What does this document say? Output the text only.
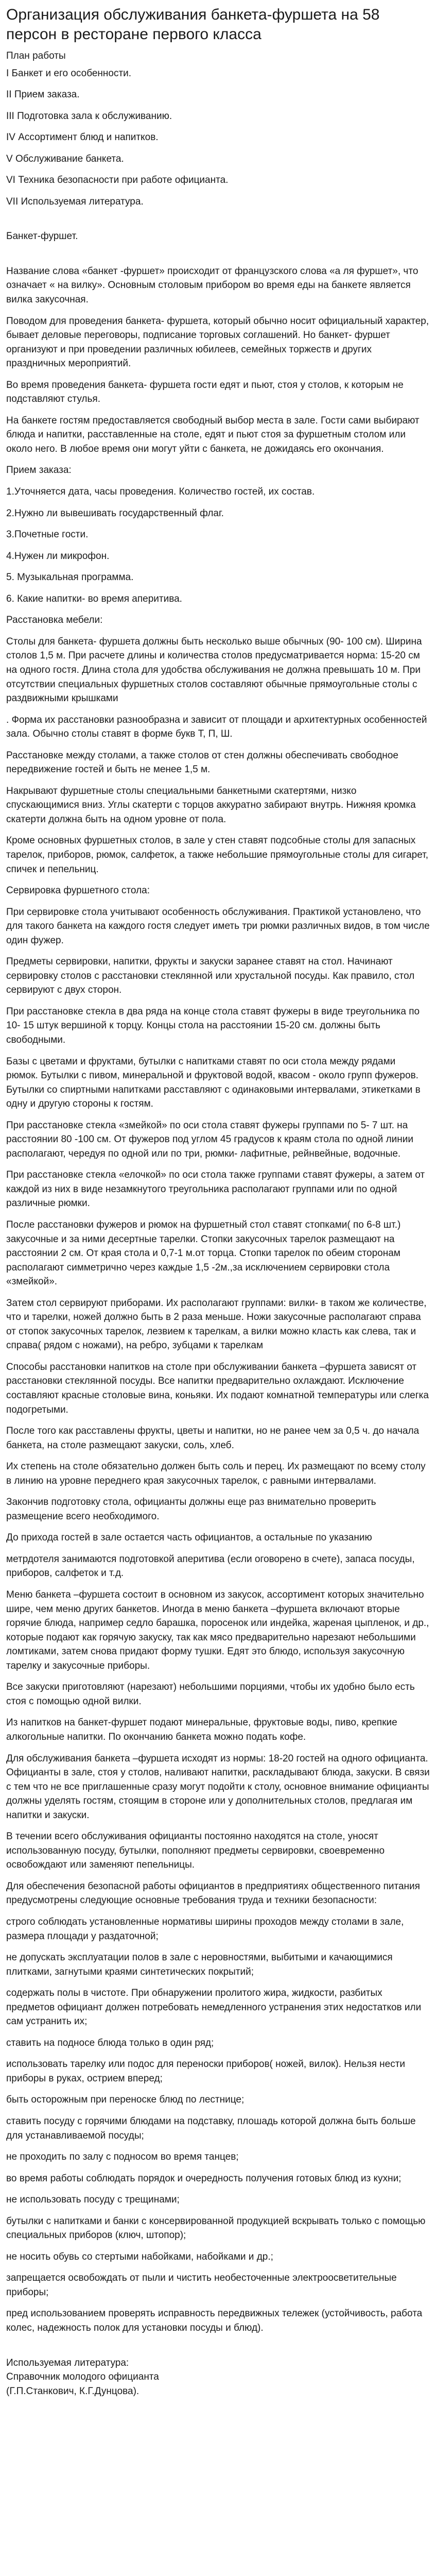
Организация обслуживания банкета-фуршета на 58 персон в ресторане первого класса
План работы
I Банкет и его особенности.
II Прием заказа.
III Подготовка зала к обслуживанию.
IV Ассортимент блюд и напитков.
V Обслуживание банкета.
VI Техника безопасности при работе официанта.
VII Используемая литература.
Банкет-фуршет.

Название слова «банкет -фуршет» происходит от французского слова «а ля фуршет», что означает « на вилку». Основным столовым прибором во время еды на банкете является вилка закусочная.

Поводом для проведения банкета- фуршета, который обычно носит официальный характер, бывает деловые переговоры, подписание торговых соглашений. Но банкет- фуршет организуют и при проведении различных юбилеев, семейных торжеств и других праздничных мероприятий.

Во время проведения банкета- фуршета гости едят и пьют, стоя у столов, к которым не подставляют стулья.

На банкете гостям предоставляется свободный выбор места в зале. Гости сами выбирают блюда и напитки, расставленные на столе, едят и пьют стоя за фуршетным столом или около него. В любое время они могут уйти с банкета, не дожидаясь его окончания.

Прием заказа:

1.Уточняется дата, часы проведения. Количество гостей, их состав.

2.Нужно ли вывешивать государственный флаг.

3.Почетные гости.

4.Нужен ли микрофон.

5. Музыкальная программа.

6. Какие напитки- во время аперитива.

Расстановка мебели:

Столы для банкета- фуршета должны быть несколько выше обычных (90- 100 см). Ширина столов 1,5 м. При расчете длины и количества столов предусматривается норма: 15-20 см на одного гостя. Длина стола для удобства обслуживания не должна превышать 10 м. При отсутствии специальных фуршетных столов составляют обычные прямоугольные столы с раздвижными крышками

. Форма их расстановки разнообразна и зависит от площади и архитектурных особенностей зала. Обычно столы ставят в форме букв Т, П, Ш.

Расстановке между столами, а также столов от стен должны обеспечивать свободное передвижение гостей и быть не менее 1,5 м.

Накрывают фуршетные столы специальными банкетными скатертями, низко спускающимися вниз. Углы скатерти с торцов аккуратно забирают внутрь. Нижняя кромка скатерти должна быть на одном уровне от пола.

Кроме основных фуршетных столов, в зале у стен ставят подсобные столы для запасных тарелок, приборов, рюмок, салфеток, а также небольшие прямоугольные столы для сигарет, спичек и пепельниц.

Сервировка фуршетного стола:

При сервировке стола учитывают особенность обслуживания. Практикой установлено, что для такого банкета на каждого гостя следует иметь три рюмки различных видов, в том числе один фужер.

Предметы сервировки, напитки, фрукты и закуски заранее ставят на стол. Начинают сервировку столов с расстановки стеклянной или хрустальной посуды. Как правило, стол сервируют с двух сторон.

При расстановке стекла в два ряда на конце стола ставят фужеры в виде треугольника по 10- 15 штук вершиной к торцу. Концы стола на расстоянии 15-20 см. должны быть свободными.

Базы с цветами и фруктами, бутылки с напитками ставят по оси стола между рядами рюмок. Бутылки с пивом, минеральной и фруктовой водой, квасом - около групп фужеров. Бутылки со спиртными напитками расставляют с одинаковыми интервалами, этикетками в одну и другую стороны к гостям.

При расстановке стекла «змейкой» по оси стола ставят фужеры группами по 5- 7 шт. на расстоянии 80 -100 см. От фужеров под углом 45 градусов к краям стола по одной линии располагают, чередуя по одной или по три, рюмки- лафитные, рейнвейные, водочные.

При расстановке стекла «елочкой» по оси стола также группами ставят фужеры, а затем от каждой из них в виде незамкнутого треугольника располагают группами или по одной различные рюмки.

После расстановки фужеров и рюмок на фуршетный стол ставят стопками( по 6-8 шт.) закусочные и за ними десертные тарелки. Стопки закусочных тарелок размещают на расстоянии 2 см. От края стола и 0,7-1 м.от торца. Стопки тарелок по обеим сторонам располагают симметрично через каждые 1,5 -2м.,за исключением сервировки стола «змейкой».

Затем стол сервируют приборами. Их располагают группами: вилки- в таком же количестве, что и тарелки, ножей должно быть в 2 раза меньше. Ножи закусочные располагают справа от стопок закусочных тарелок, лезвием к тарелкам, а вилки можно класть как слева, так и справа( рядом с ножами), на ребро, зубцами к тарелкам

Способы расстановки напитков на столе при обслуживании банкета –фуршета зависят от расстановки стеклянной посуды. Все напитки предварительно охлаждают. Исключение составляют красные столовые вина, коньяки. Их подают комнатной температуры или слегка подогретыми.

После того как расставлены фрукты, цветы и напитки, но не ранее чем за 0,5 ч. до начала банкета, на столе размещают закуски, соль, хлеб.

Их степень на столе обязательно должен быть соль и перец. Их размещают по всему столу в линию на уровне переднего края закусочных тарелок, с равными интервалами.

Закончив подготовку стола, официанты должны еще раз внимательно проверить размещение всего необходимого.

До прихода гостей в зале остается часть официантов, а остальные по указанию

метрдотеля занимаются подготовкой аперитива (если оговорено в счете), запаса посуды, приборов, салфеток и т.д.

Меню банкета –фуршета состоит в основном из закусок, ассортимент которых значительно шире, чем меню других банкетов. Иногда в меню банкета –фуршета включают вторые горячие блюда, например седло барашка, поросенок или индейка, жареная цыпленок, и др., которые подают как горячую закуску, так как мясо предварительно нарезают небольшими ломтиками, затем снова придают форму тушки. Едят это блюдо, используя закусочную тарелку и закусочные приборы.

Все закуски приготовляют (нарезают) небольшими порциями, чтобы их удобно было есть стоя с помощью одной вилки.

Из напитков на банкет-фуршет подают минеральные, фруктовые воды, пиво, крепкие алкогольные напитки. По окончанию банкета можно подать кофе.

Для обслуживания банкета –фуршета исходят из нормы: 18-20 гостей на одного официанта. Официанты в зале, стоя у столов, наливают напитки, раскладывают блюда, закуски. В связи с тем что не все приглашенные сразу могут подойти к столу, основное внимание официанты должны уделять гостям, стоящим в стороне или у дополнительных столов, предлагая им напитки и закуски.

В течении всего обслуживания официанты постоянно находятся на столе, уносят использованную посуду, бутылки, пополняют предметы сервировки, своевременно освобождают или заменяют пепельницы.

Для обеспечения безопасной работы официантов в предприятиях общественного питания предусмотрены следующие основные требования труда и техники безопасности:

строго соблюдать установленные нормативы ширины проходов между столами в зале, размера площади у раздаточной;

не допускать эксплуатации полов в зале с неровностями, выбитыми и качающимися плитками, загнутыми краями синтетических покрытий;

содержать полы в чистоте. При обнаружении пролитого жира, жидкости, разбитых предметов официант должен потребовать немедленного устранения этих недостатков или сам устранить их;

ставить на подносе блюда только в один ряд;

использовать тарелку или подос для переноски приборов( ножей, вилок). Нельзя нести приборы в руках, острием вперед;

быть осторожным при переноске блюд по лестнице;

ставить посуду с горячими блюдами на подставку, плошадь которой должна быть больше для устанавливаемой посуды;

не проходить по залу с подносом во время танцев;

во время работы соблюдать порядок и очередность получения готовых блюд из кухни;

не использовать посуду с трещинами;

бутылки с напитками и банки с консервированной продукцией вскрывать только с помощью специальных приборов (ключ, штопор);

не носить обувь со стертыми набойками, набойками и др.;

запрещается освобождать от пыли и чистить необесточенные электроосветительные приборы;

пред использованием проверять исправность передвижных тележек (устойчивость, работа колес, надежность полок для установки посуды и блюд).

Используемая литература:

Справочник молодого официанта

(Г.П.Станкович, К.Г.Дунцова).
